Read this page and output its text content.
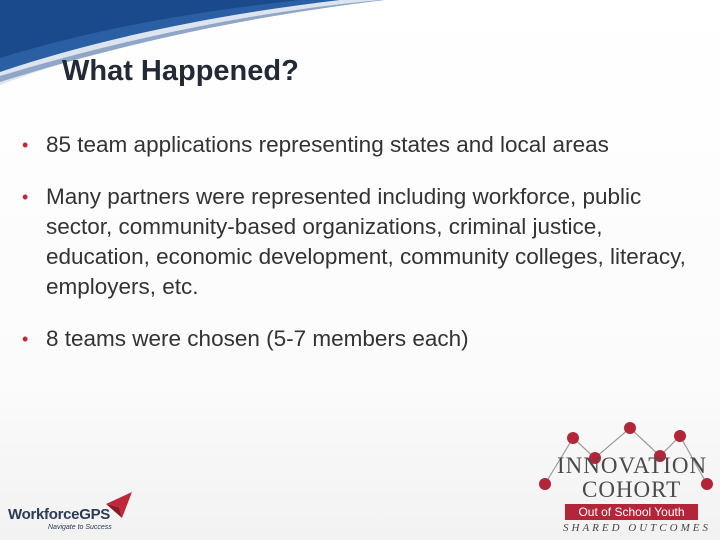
What Happened?
• 85 team applications representing states and local areas
• Many partners were represented including workforce, public sector, community-based organizations, criminal justice, education, economic development, community colleges, literacy, employers, etc.
• 8 teams were chosen (5-7 members each)
WorkforceGPS
Navigate to Success
INNOVATION
COHORT
Out of School Youth
SHARED OUTCOMES
